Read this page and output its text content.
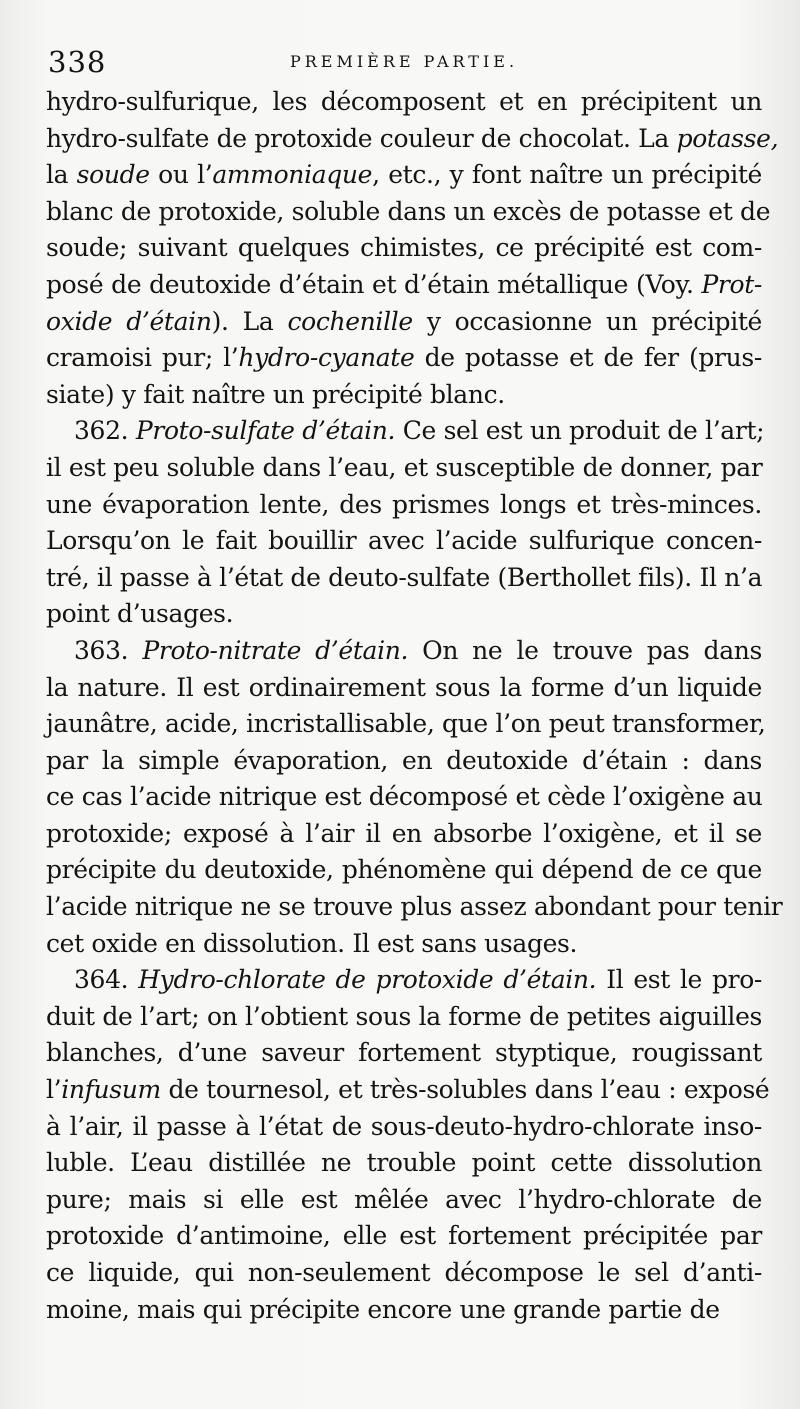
338	PREMIÈRE PARTIE.
hydro-sulfurique, les décomposent et en précipitent un
hydro-sulfate de protoxide couleur de chocolat. La potasse,
la soude ou l’ammoniaque, etc., y font naître un précipité
blanc de protoxide, soluble dans un excès de potasse et de
soude; suivant quelques chimistes, ce précipité est com-
posé de deutoxide d’étain et d’étain métallique (Voy. Prot-
oxide d’étain). La cochenille y occasionne un précipité
cramoisi pur; l’hydro-cyanate de potasse et de fer (prus-
siate) y fait naître un précipité blanc.
362. Proto-sulfate d’étain. Ce sel est un produit de l’art;
il est peu soluble dans l’eau, et susceptible de donner, par
une évaporation lente, des prismes longs et très-minces.
Lorsqu’on le fait bouillir avec l’acide sulfurique concen-
tré, il passe à l’état de deuto-sulfate (Berthollet fils). Il n’a
point d’usages.
363. Proto-nitrate d’étain. On ne le trouve pas dans
la nature. Il est ordinairement sous la forme d’un liquide
jaunâtre, acide, incristallisable, que l’on peut transformer,
par la simple évaporation, en deutoxide d’étain : dans
ce cas l’acide nitrique est décomposé et cède l’oxigène au
protoxide; exposé à l’air il en absorbe l’oxigène, et il se
précipite du deutoxide, phénomène qui dépend de ce que
l’acide nitrique ne se trouve plus assez abondant pour tenir
cet oxide en dissolution. Il est sans usages.
364. Hydro-chlorate de protoxide d’étain. Il est le pro-
duit de l’art; on l’obtient sous la forme de petites aiguilles
blanches, d’une saveur fortement styptique, rougissant
l’infusum de tournesol, et très-solubles dans l’eau : exposé
à l’air, il passe à l’état de sous-deuto-hydro-chlorate inso-
luble. L’eau distillée ne trouble point cette dissolution
pure; mais si elle est mêlée avec l’hydro-chlorate de
protoxide d’antimoine, elle est fortement précipitée par
ce liquide, qui non-seulement décompose le sel d’anti-
moine, mais qui précipite encore une grande partie de
